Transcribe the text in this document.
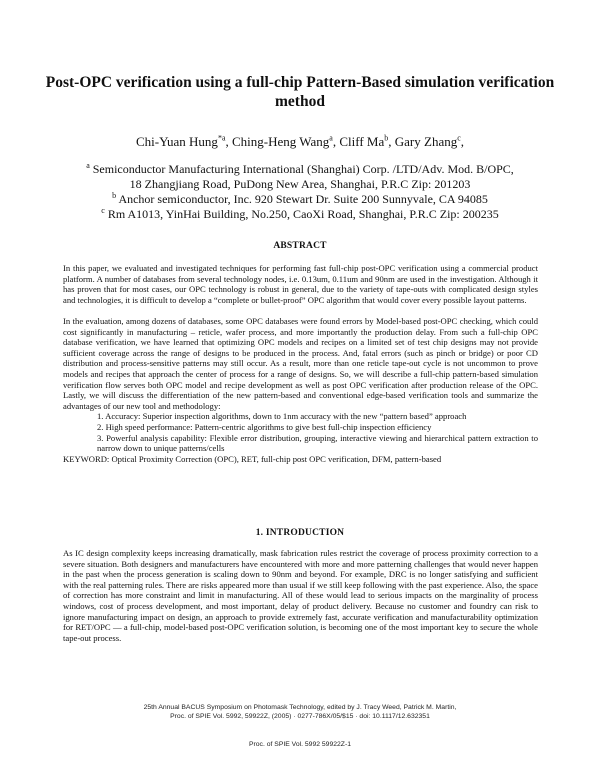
Post-OPC verification using a full-chip Pattern-Based simulation verification method
Chi-Yuan Hung$^{*a}$, Ching-Heng Wang$^a$, Cliff Ma$^b$, Gary Zhang$^c$,
$^a$ Semiconductor Manufacturing International (Shanghai) Corp. /LTD/Adv. Mod. B/OPC,
18 Zhangjiang Road, PuDong New Area, Shanghai, P.R.C Zip: 201203
$^b$ Anchor semiconductor, Inc. 920 Stewart Dr. Suite 200 Sunnyvale, CA 94085
$^c$ Rm A1013, YinHai Building, No.250, CaoXi Road, Shanghai, P.R.C Zip: 200235
ABSTRACT

In this paper, we evaluated and investigated techniques for performing fast full-chip post-OPC verification using a commercial product platform. A number of databases from several technology nodes, i.e. 0.13um, 0.11um and 90nm are used in the investigation. Although it has proven that for most cases, our OPC technology is robust in general, due to the variety of tape-outs with complicated design styles and technologies, it is difficult to develop a “complete or bullet-proof” OPC algorithm that would cover every possible layout patterns.

In the evaluation, among dozens of databases, some OPC databases were found errors by Model-based post-OPC checking, which could cost significantly in manufacturing – reticle, wafer process, and more importantly the production delay. From such a full-chip OPC database verification, we have learned that optimizing OPC models and recipes on a limited set of test chip designs may not provide sufficient coverage across the range of designs to be produced in the process. And, fatal errors (such as pinch or bridge) or poor CD distribution and process-sensitive patterns may still occur. As a result, more than one reticle tape-out cycle is not uncommon to prove models and recipes that approach the center of process for a range of designs. So, we will describe a full-chip pattern-based simulation verification flow serves both OPC model and recipe development as well as post OPC verification after production release of the OPC. Lastly, we will discuss the differentiation of the new pattern-based and conventional edge-based verification tools and summarize the advantages of our new tool and methodology:

1. Accuracy: Superior inspection algorithms, down to 1nm accuracy with the new “pattern based” approach
2. High speed performance: Pattern-centric algorithms to give best full-chip inspection efficiency
3. Powerful analysis capability: Flexible error distribution, grouping, interactive viewing and hierarchical pattern extraction to narrow down to unique patterns/cells

KEYWORD: Optical Proximity Correction (OPC), RET, full-chip post OPC verification, DFM, pattern-based

1. INTRODUCTION

As IC design complexity keeps increasing dramatically, mask fabrication rules restrict the coverage of process proximity correction to a severe situation. Both designers and manufacturers have encountered with more and more patterning challenges that would never happen in the past when the process generation is scaling down to 90nm and beyond. For example, DRC is no longer satisfying and sufficient with the real patterning rules. There are risks appeared more than usual if we still keep following with the past experience. Also, the space of correction has more constraint and limit in manufacturing. All of these would lead to serious impacts on the marginality of process windows, cost of process development, and most important, delay of product delivery. Because no customer and foundry can risk to ignore manufacturing impact on design, an approach to provide extremely fast, accurate verification and manufacturability optimization for RET/OPC — a full-chip, model-based post-OPC verification solution, is becoming one of the most important key to secure the whole tape-out process.

25th Annual BACUS Symposium on Photomask Technology, edited by J. Tracy Weed, Patrick M. Martin,
Proc. of SPIE Vol. 5992, 59922Z, (2005) · 0277-786X/05/$15 · doi: 10.1117/12.632351
Proc. of SPIE Vol. 5992 59922Z-1
